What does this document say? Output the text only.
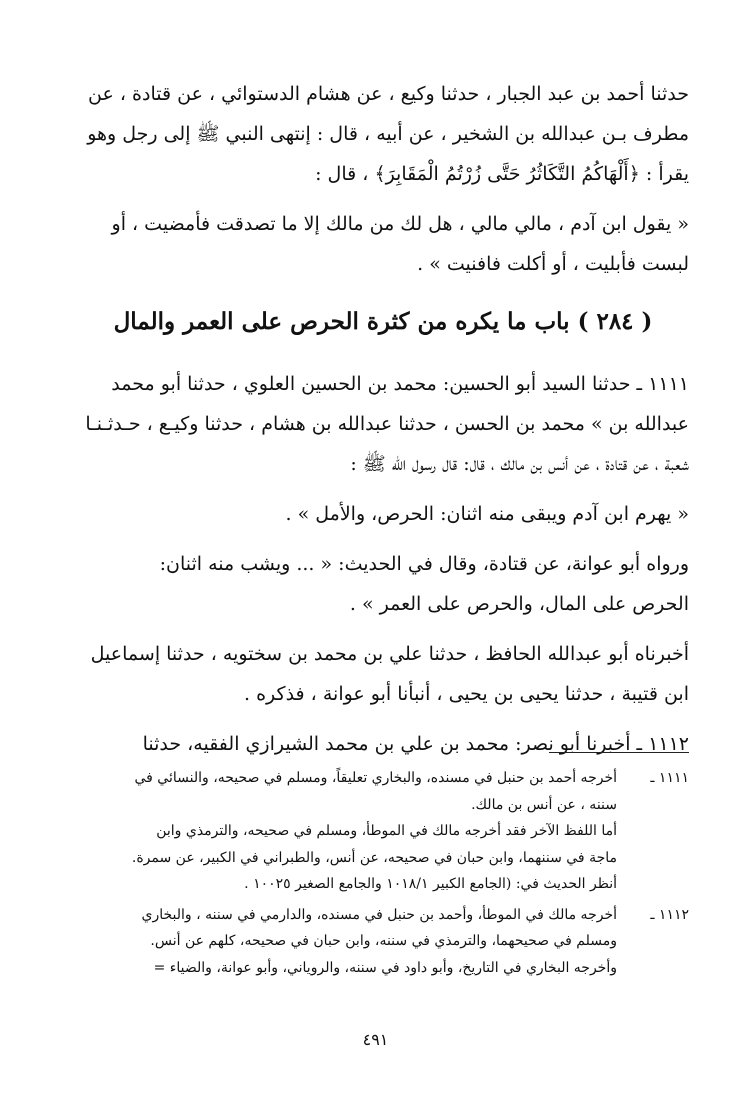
حدثنا أحمد بن عبد الجبار ، حدثنا وكيع ، عن هشام الدستوائي ، عن قتادة ، عن
مطرف بـن عبدالله بن الشخير ، عن أبيه ، قال : إنتهى النبي ﷺ إلى رجل وهو
يقرأ : ﴿أَلْهَاكُمُ التَّكَاثُرُ حَتَّى زُرْتُمُ الْمَقَابِرَ﴾ ، قال :

« يقول ابن آدم ، مالي مالي ، هل لك من مالك إلا ما تصدقت فأمضيت ، أو
لبست فأبليت ، أو أكلت فافنيت » .

( ٢٨٤ ) باب ما يكره من كثرة الحرص على العمر والمال

١١١١ ـ حدثنا السيد أبو الحسين: محمد بن الحسين العلوي ، حدثنا أبو محمد
عبدالله بن » محمد بن الحسن ، حدثنا عبدالله بن هشام ، حدثنا وكيـع ، حـدثـنـا
شعبة ، عن قتادة ، عن أنس بن مالك ، قال: قال رسول الله ﷺ :

« يهرم ابن آدم ويبقى منه اثنان: الحرص، والأمل » .

ورواه أبو عوانة، عن قتادة، وقال في الحديث: « ... ويشب منه اثنان:
الحرص على المال، والحرص على العمر » .

أخبرناه أبو عبدالله الحافظ ، حدثنا علي بن محمد بن سختويه ، حدثنا إسماعيل
ابن قتيبة ، حدثنا يحيى بن يحيى ، أنبأنا أبو عوانة ، فذكره .

١١١٢ ـ أخبرنا أبو نصر: محمد بن علي بن محمد الشيرازي الفقيه، حدثنا

١١١١ ـ
أخرجه أحمد بن حنبل في مسنده، والبخاري تعليقاً، ومسلم في صحيحه، والنسائي في
سننه ، عن أنس بن مالك.
أما اللفظ الآخر فقد أخرجه مالك في الموطأ، ومسلم في صحيحه، والترمذي وابن
ماجة في سننهما، وابن حبان في صحيحه، عن أنس، والطبراني في الكبير، عن سمرة.
أنظر الحديث في: (الجامع الكبير ١٠١٨/١ والجامع الصغير ١٠٠٢٥ .
١١١٢ ـ
أخرجه مالك في الموطأ، وأحمد بن حنبل في مسنده، والدارمي في سننه ، والبخاري
ومسلم في صحيحهما، والترمذي في سننه، وابن حبان في صحيحه، كلهم عن أنس.
وأخرجه البخاري في التاريخ، وأبو داود في سننه، والروياني، وأبو عوانة، والضياء =
٤٩١
